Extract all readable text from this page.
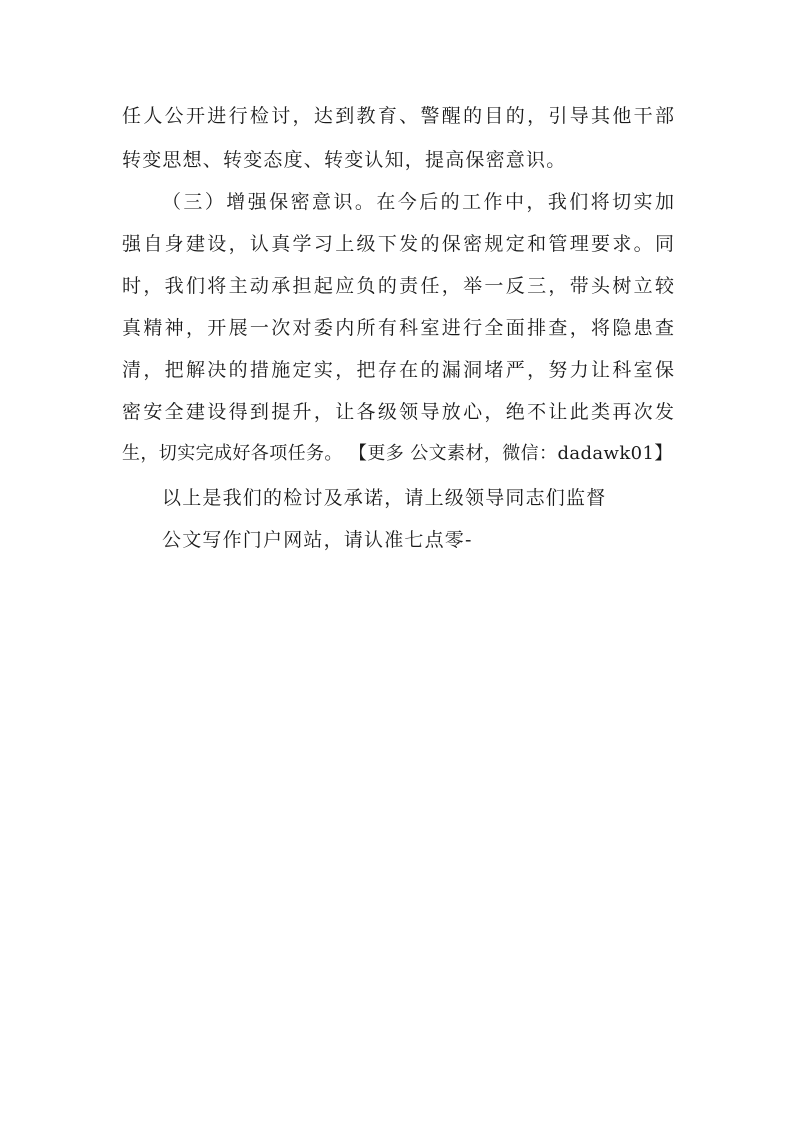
任人公开进行检讨，达到教育、警醒的目的，引导其他干部
转变思想、转变态度、转变认知，提高保密意识。
（三）增强保密意识。在今后的工作中，我们将切实加
强自身建设，认真学习上级下发的保密规定和管理要求。同
时，我们将主动承担起应负的责任，举一反三，带头树立较
真精神，开展一次对委内所有科室进行全面排查，将隐患查
清，把解决的措施定实，把存在的漏洞堵严，努力让科室保
密安全建设得到提升，让各级领导放心，绝不让此类再次发
生，切实完成好各项任务。 【更多 公文素材，微信：dadawk01】
以上是我们的检讨及承诺，请上级领导同志们监督
公文写作门户网站，请认准七点零-
